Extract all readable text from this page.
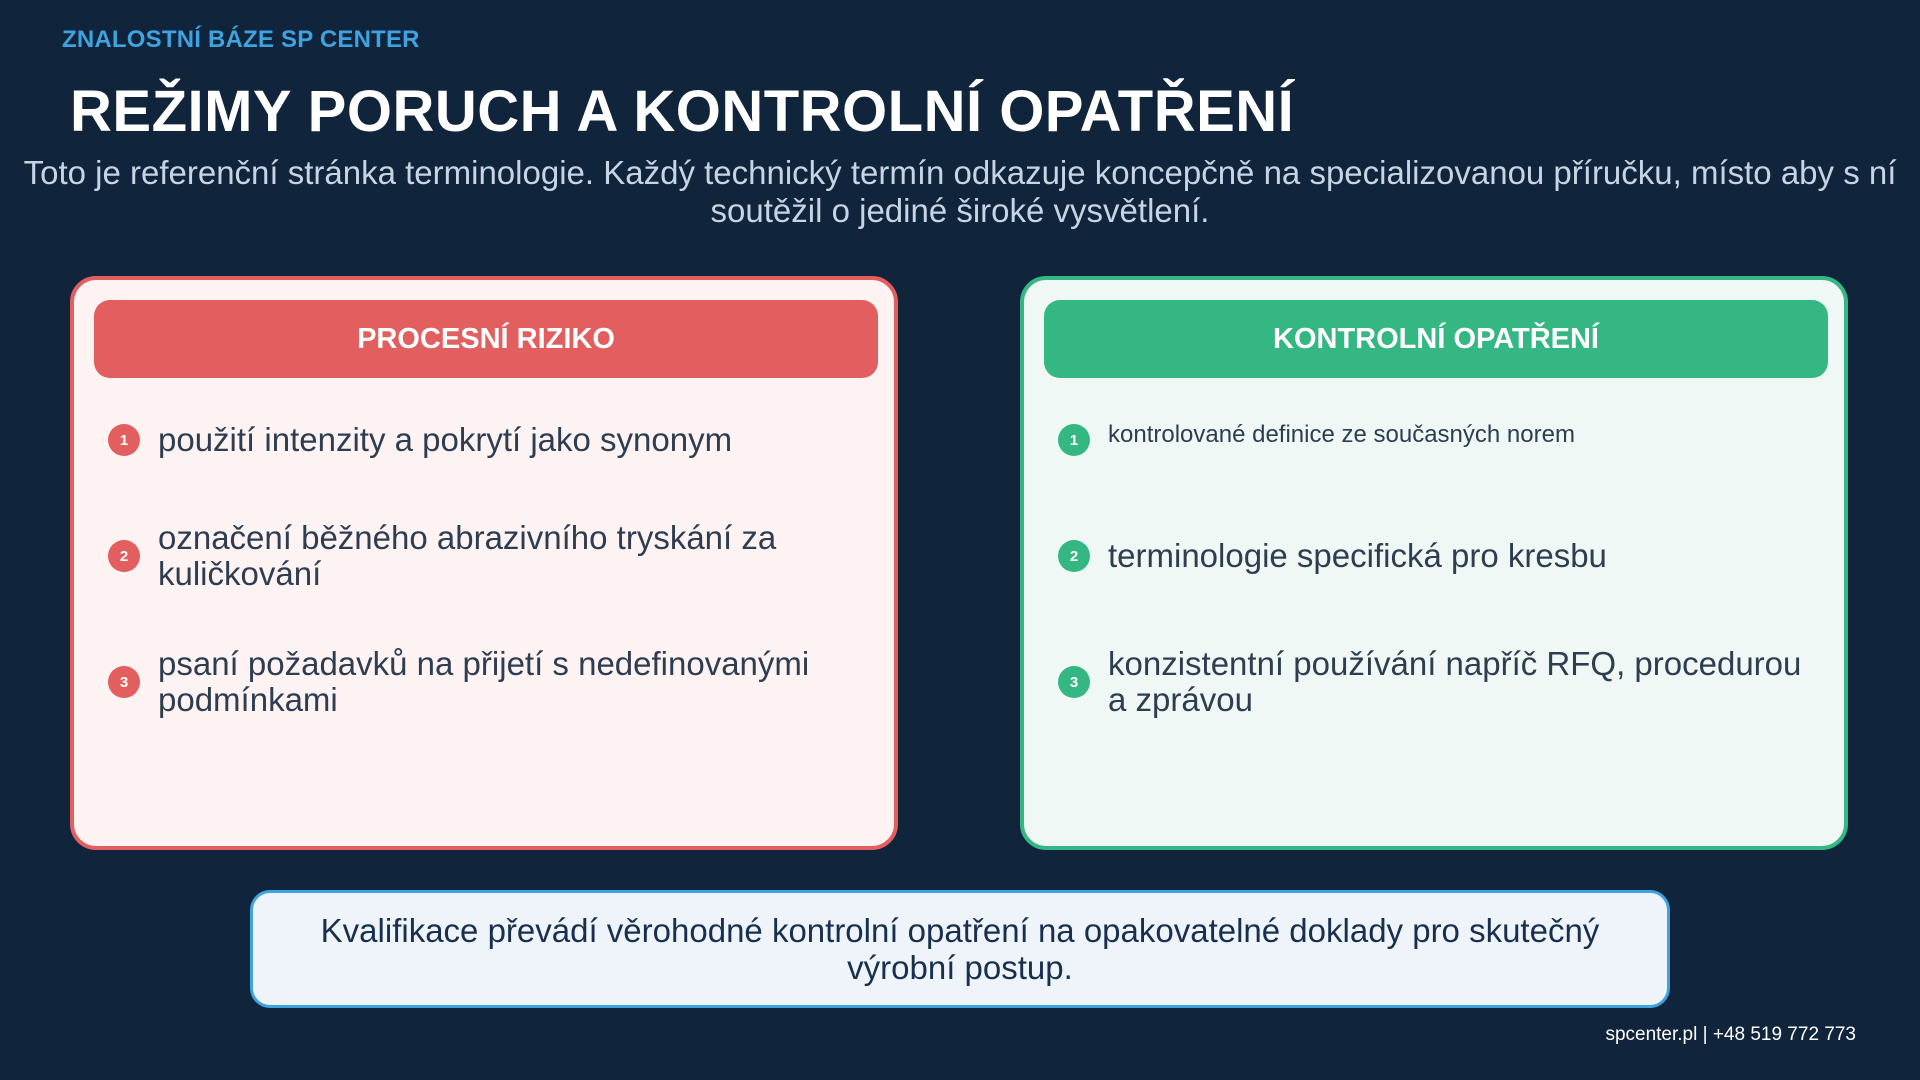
ZNALOSTNÍ BÁZE SP CENTER
REŽIMY PORUCH A KONTROLNÍ OPATŘENÍ

Toto je referenční stránka terminologie. Každý technický termín odkazuje koncepčně na specializovanou příručku, místo aby s ní soutěžil o jediné široké vysvětlení.

PROCESNÍ RIZIKO
1 použití intenzity a pokrytí jako synonym
2 označení běžného abrazivního tryskání za kuličkování
3 psaní požadavků na přijetí s nedefinovanými podmínkami
KONTROLNÍ OPATŘENÍ
1	kontrolované definice ze současných norem
2 terminologie specifická pro kresbu
3 konzistentní používání napříč RFQ, procedurou a zprávou
Kvalifikace převádí věrohodné kontrolní opatření na opakovatelné doklady pro skutečný výrobní postup.
spcenter.pl | +48 519 772 773
